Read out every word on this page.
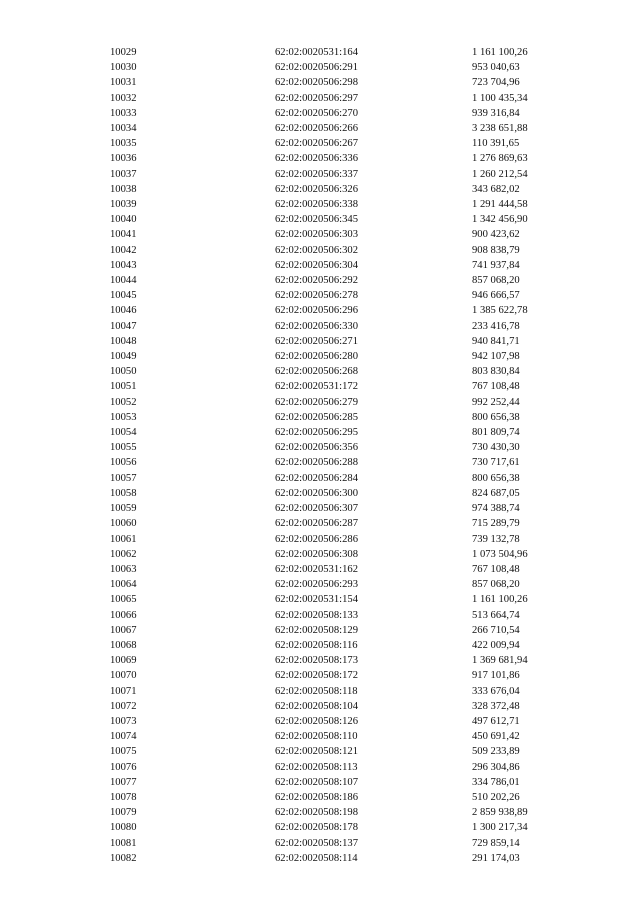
10029	62:02:0020531:164	1 161 100,26
10030	62:02:0020506:291	953 040,63
10031	62:02:0020506:298	723 704,96
10032	62:02:0020506:297	1 100 435,34
10033	62:02:0020506:270	939 316,84
10034	62:02:0020506:266	3 238 651,88
10035	62:02:0020506:267	110 391,65
10036	62:02:0020506:336	1 276 869,63
10037	62:02:0020506:337	1 260 212,54
10038	62:02:0020506:326	343 682,02
10039	62:02:0020506:338	1 291 444,58
10040	62:02:0020506:345	1 342 456,90
10041	62:02:0020506:303	900 423,62
10042	62:02:0020506:302	908 838,79
10043	62:02:0020506:304	741 937,84
10044	62:02:0020506:292	857 068,20
10045	62:02:0020506:278	946 666,57
10046	62:02:0020506:296	1 385 622,78
10047	62:02:0020506:330	233 416,78
10048	62:02:0020506:271	940 841,71
10049	62:02:0020506:280	942 107,98
10050	62:02:0020506:268	803 830,84
10051	62:02:0020531:172	767 108,48
10052	62:02:0020506:279	992 252,44
10053	62:02:0020506:285	800 656,38
10054	62:02:0020506:295	801 809,74
10055	62:02:0020506:356	730 430,30
10056	62:02:0020506:288	730 717,61
10057	62:02:0020506:284	800 656,38
10058	62:02:0020506:300	824 687,05
10059	62:02:0020506:307	974 388,74
10060	62:02:0020506:287	715 289,79
10061	62:02:0020506:286	739 132,78
10062	62:02:0020506:308	1 073 504,96
10063	62:02:0020531:162	767 108,48
10064	62:02:0020506:293	857 068,20
10065	62:02:0020531:154	1 161 100,26
10066	62:02:0020508:133	513 664,74
10067	62:02:0020508:129	266 710,54
10068	62:02:0020508:116	422 009,94
10069	62:02:0020508:173	1 369 681,94
10070	62:02:0020508:172	917 101,86
10071	62:02:0020508:118	333 676,04
10072	62:02:0020508:104	328 372,48
10073	62:02:0020508:126	497 612,71
10074	62:02:0020508:110	450 691,42
10075	62:02:0020508:121	509 233,89
10076	62:02:0020508:113	296 304,86
10077	62:02:0020508:107	334 786,01
10078	62:02:0020508:186	510 202,26
10079	62:02:0020508:198	2 859 938,89
10080	62:02:0020508:178	1 300 217,34
10081	62:02:0020508:137	729 859,14
10082	62:02:0020508:114	291 174,03
